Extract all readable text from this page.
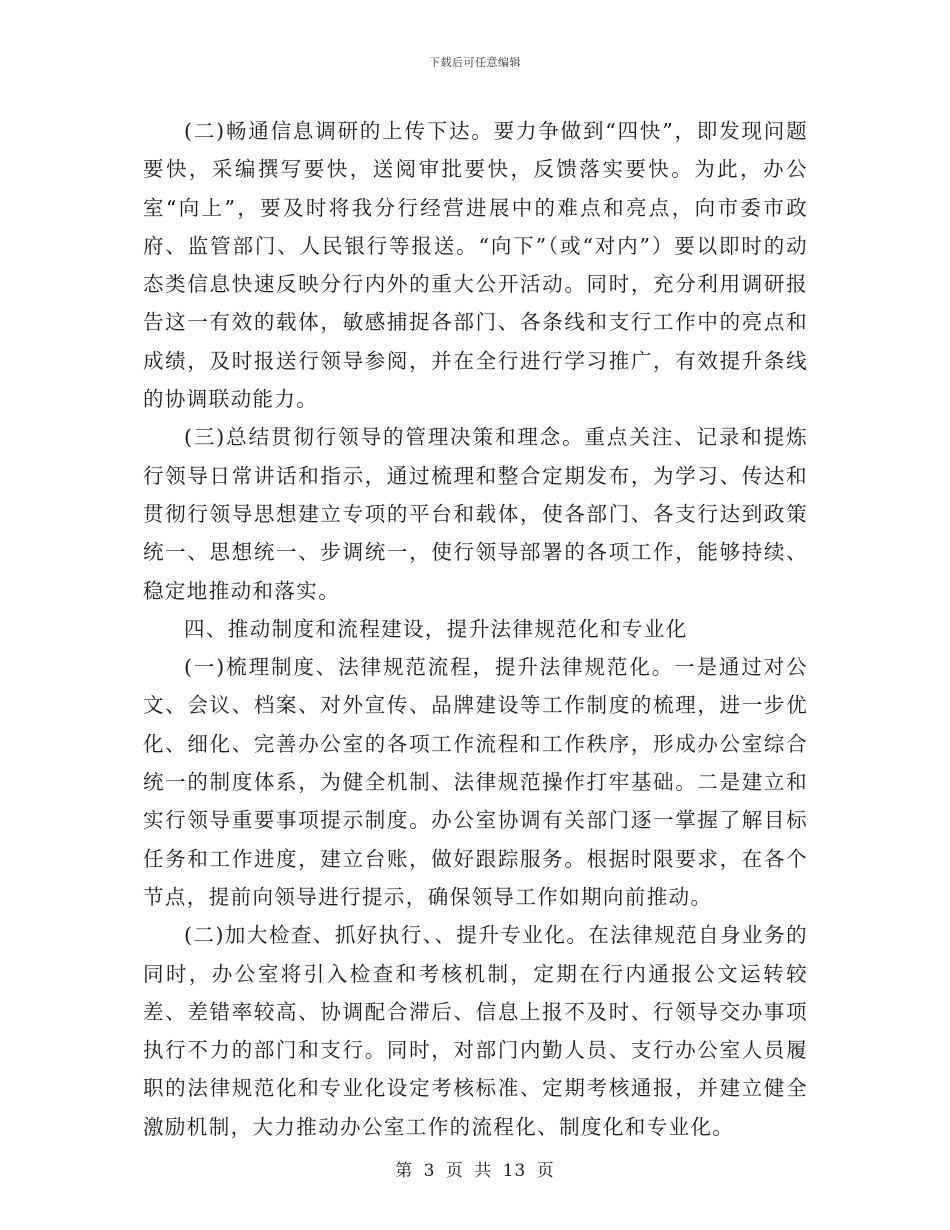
下载后可任意编辑

(二)畅通信息调研的上传下达。要力争做到“四快”，即发现问题要快，采编撰写要快，送阅审批要快，反馈落实要快。为此，办公室“向上”，要及时将我分行经营进展中的难点和亮点，向市委市政府、监管部门、人民银行等报送。“向下”（或“对内”）要以即时的动态类信息快速反映分行内外的重大公开活动。同时，充分利用调研报告这一有效的载体，敏感捕捉各部门、各条线和支行工作中的亮点和成绩，及时报送行领导参阅，并在全行进行学习推广，有效提升条线的协调联动能力。

(三)总结贯彻行领导的管理决策和理念。重点关注、记录和提炼行领导日常讲话和指示，通过梳理和整合定期发布，为学习、传达和贯彻行领导思想建立专项的平台和载体，使各部门、各支行达到政策统一、思想统一、步调统一，使行领导部署的各项工作，能够持续、稳定地推动和落实。

四、推动制度和流程建设，提升法律规范化和专业化

(一)梳理制度、法律规范流程，提升法律规范化。一是通过对公文、会议、档案、对外宣传、品牌建设等工作制度的梳理，进一步优化、细化、完善办公室的各项工作流程和工作秩序，形成办公室综合统一的制度体系，为健全机制、法律规范操作打牢基础。二是建立和实行领导重要事项提示制度。办公室协调有关部门逐一掌握了解目标任务和工作进度，建立台账，做好跟踪服务。根据时限要求，在各个节点，提前向领导进行提示，确保领导工作如期向前推动。

(二)加大检查、抓好执行、、提升专业化。在法律规范自身业务的同时，办公室将引入检查和考核机制，定期在行内通报公文运转较差、差错率较高、协调配合滞后、信息上报不及时、行领导交办事项执行不力的部门和支行。同时，对部门内勤人员、支行办公室人员履职的法律规范化和专业化设定考核标准、定期考核通报，并建立健全激励机制，大力推动办公室工作的流程化、制度化和专业化。

第 3 页 共 13 页
